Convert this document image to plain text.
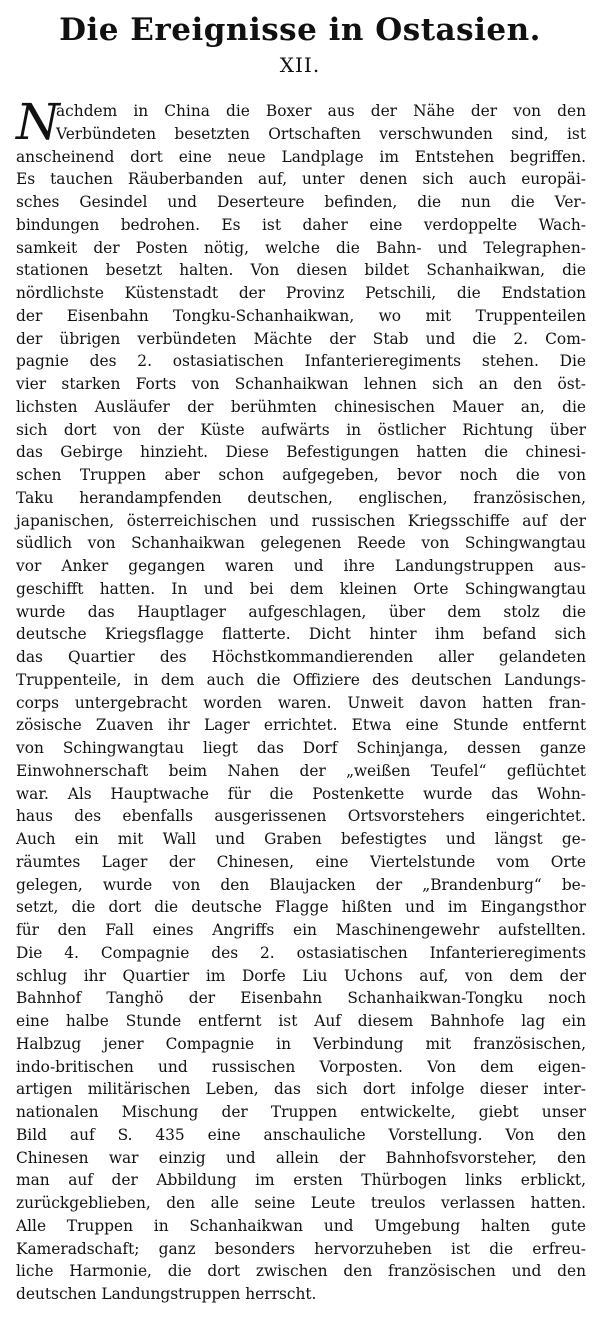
Die Ereignisse in Ostasien.
XII.
N
achdem in China die Boxer aus der Nähe der von den
Verbündeten besetzten Ortschaften verschwunden sind, ist
anscheinend dort eine neue Landplage im Entstehen begriffen.
Es tauchen Räuberbanden auf, unter denen sich auch europäi-
sches Gesindel und Deserteure befinden, die nun die Ver-
bindungen bedrohen. Es ist daher eine verdoppelte Wach-
samkeit der Posten nötig, welche die Bahn- und Telegraphen-
stationen besetzt halten. Von diesen bildet Schanhaikwan, die
nördlichste Küstenstadt der Provinz Petschili, die Endstation
der Eisenbahn Tongku-Schanhaikwan, wo mit Truppenteilen
der übrigen verbündeten Mächte der Stab und die 2. Com-
pagnie des 2. ostasiatischen Infanterieregiments stehen. Die
vier starken Forts von Schanhaikwan lehnen sich an den öst-
lichsten Ausläufer der berühmten chinesischen Mauer an, die
sich dort von der Küste aufwärts in östlicher Richtung über
das Gebirge hinzieht. Diese Befestigungen hatten die chinesi-
schen Truppen aber schon aufgegeben, bevor noch die von
Taku herandampfenden deutschen, englischen, französischen,
japanischen, österreichischen und russischen Kriegsschiffe auf der
südlich von Schanhaikwan gelegenen Reede von Schingwangtau
vor Anker gegangen waren und ihre Landungstruppen aus-
geschifft hatten. In und bei dem kleinen Orte Schingwangtau
wurde das Hauptlager aufgeschlagen, über dem stolz die
deutsche Kriegsflagge flatterte. Dicht hinter ihm befand sich
das Quartier des Höchstkommandierenden aller gelandeten
Truppenteile, in dem auch die Offiziere des deutschen Landungs-
corps untergebracht worden waren. Unweit davon hatten fran-
zösische Zuaven ihr Lager errichtet. Etwa eine Stunde entfernt
von Schingwangtau liegt das Dorf Schinjanga, dessen ganze
Einwohnerschaft beim Nahen der „weißen Teufel“ geflüchtet
war. Als Hauptwache für die Postenkette wurde das Wohn-
haus des ebenfalls ausgerissenen Ortsvorstehers eingerichtet.
Auch ein mit Wall und Graben befestigtes und längst ge-
räumtes Lager der Chinesen, eine Viertelstunde vom Orte
gelegen, wurde von den Blaujacken der „Brandenburg“ be-
setzt, die dort die deutsche Flagge hißten und im Eingangsthor
für den Fall eines Angriffs ein Maschinengewehr aufstellten.
Die 4. Compagnie des 2. ostasiatischen Infanterieregiments
schlug ihr Quartier im Dorfe Liu Uchons auf, von dem der
Bahnhof Tanghö der Eisenbahn Schanhaikwan-Tongku noch
eine halbe Stunde entfernt ist Auf diesem Bahnhofe lag ein
Halbzug jener Compagnie in Verbindung mit französischen,
indo-britischen und russischen Vorposten. Von dem eigen-
artigen militärischen Leben, das sich dort infolge dieser inter-
nationalen Mischung der Truppen entwickelte, giebt unser
Bild auf S. 435 eine anschauliche Vorstellung. Von den
Chinesen war einzig und allein der Bahnhofsvorsteher, den
man auf der Abbildung im ersten Thürbogen links erblickt,
zurückgeblieben, den alle seine Leute treulos verlassen hatten.
Alle Truppen in Schanhaikwan und Umgebung halten gute
Kameradschaft; ganz besonders hervorzuheben ist die erfreu-
liche Harmonie, die dort zwischen den französischen und den
deutschen Landungstruppen herrscht.
